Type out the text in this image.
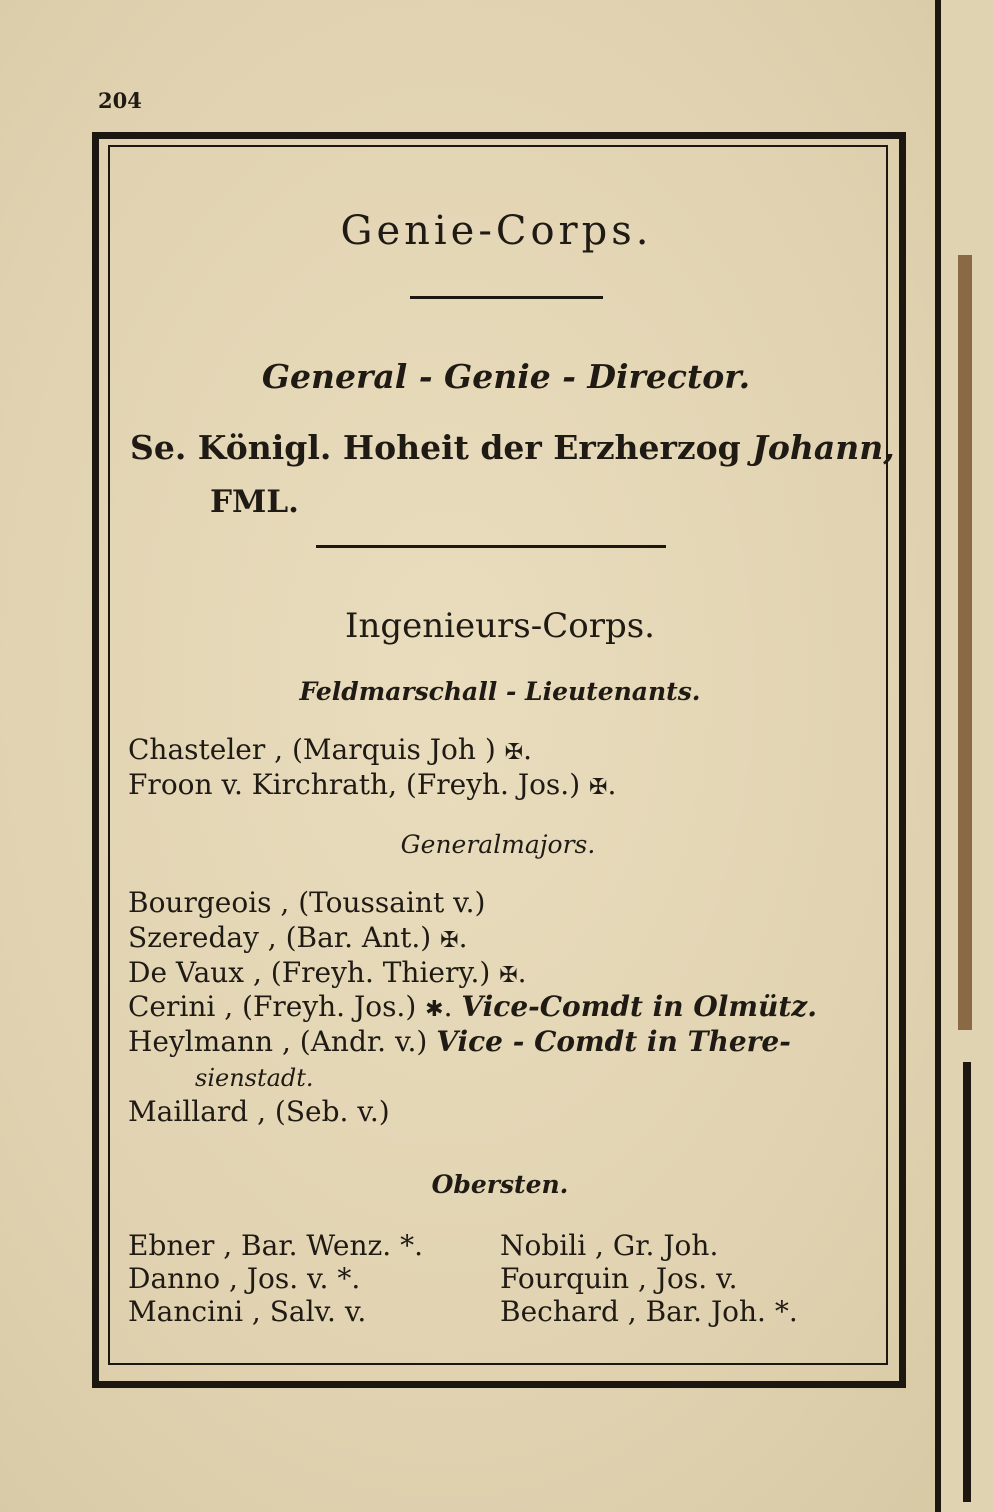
204
Genie-Corps.
General - Genie - Director.
Se. Königl. Hoheit der Erzherzog Johann,
FML.
Ingenieurs-Corps.
Feldmarschall - Lieutenants.
Chasteler , (Marquis Joh ) ✠.
Froon v. Kirchrath, (Freyh. Jos.) ✠.
Generalmajors.
Bourgeois , (Toussaint v.)
Szereday , (Bar. Ant.) ✠.
De Vaux , (Freyh. Thiery.) ✠.
Cerini , (Freyh. Jos.) ✱. Vice-Comdt in Olmütz.
Heylmann , (Andr. v.) Vice - Comdt in There-
sienstadt.
Maillard , (Seb. v.)
Obersten.
Ebner , Bar. Wenz. *.
Danno , Jos. v. *.
Mancini , Salv. v.
Nobili , Gr. Joh.
Fourquin , Jos. v.
Bechard , Bar. Joh. *.
